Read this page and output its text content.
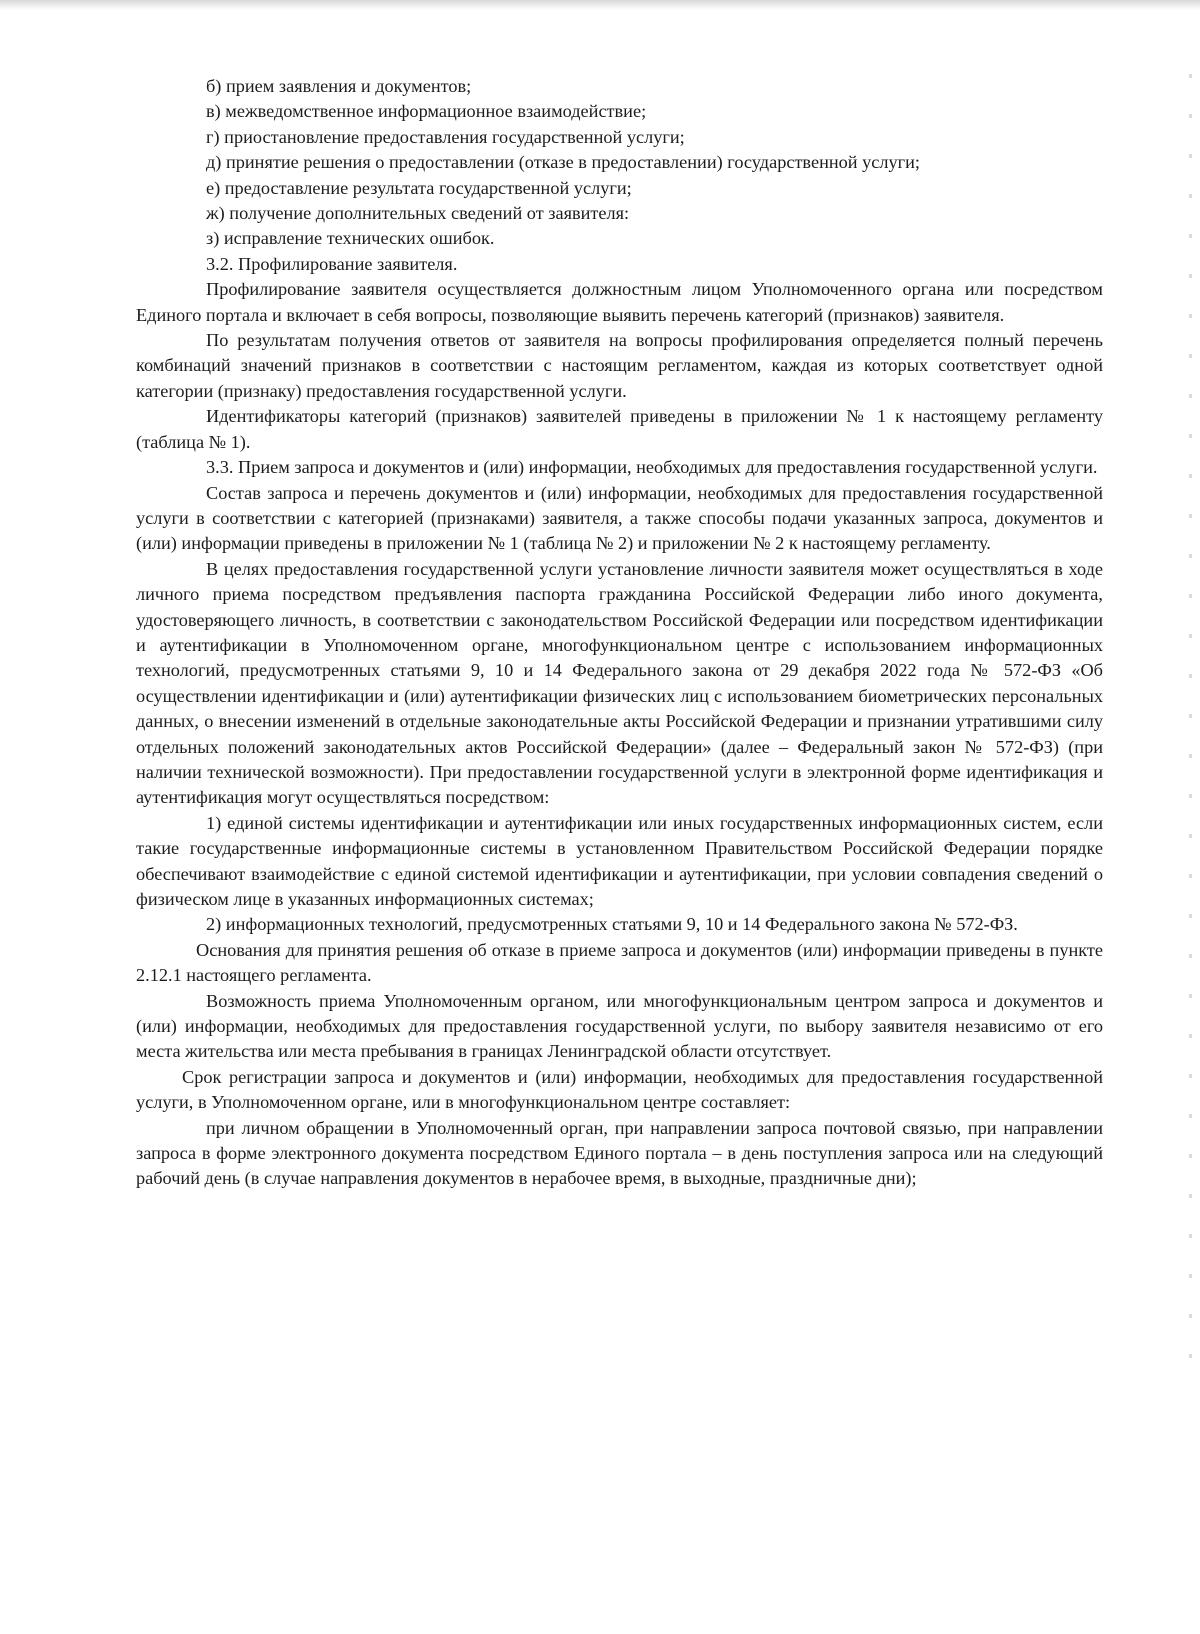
б) прием заявления и документов;

в) межведомственное информационное взаимодействие;

г) приостановление предоставления государственной услуги;

д) принятие решения о предоставлении (отказе в предоставлении) государственной услуги;

е) предоставление результата государственной услуги;

ж) получение дополнительных сведений от заявителя:

з) исправление технических ошибок.

3.2. Профилирование заявителя.

Профилирование заявителя осуществляется должностным лицом Уполномоченного органа или посредством Единого портала и включает в себя вопросы, позволяющие выявить перечень категорий (признаков) заявителя.

По результатам получения ответов от заявителя на вопросы профилирования определяется полный перечень комбинаций значений признаков в соответствии с настоящим регламентом, каждая из которых соответствует одной категории (признаку) предоставления государственной услуги.

Идентификаторы категорий (признаков) заявителей приведены в приложении № 1 к настоящему регламенту (таблица № 1).

3.3. Прием запроса и документов и (или) информации, необходимых для предоставления государственной услуги.

Состав запроса и перечень документов и (или) информации, необходимых для предоставления государственной услуги в соответствии с категорией (признаками) заявителя, а также способы подачи указанных запроса, документов и (или) информации приведены в приложении № 1 (таблица № 2) и приложении № 2 к настоящему регламенту.

В целях предоставления государственной услуги установление личности заявителя может осуществляться в ходе личного приема посредством предъявления паспорта гражданина Российской Федерации либо иного документа, удостоверяющего личность, в соответствии с законодательством Российской Федерации или посредством идентификации и аутентификации в Уполномоченном органе, многофункциональном центре с использованием информационных технологий, предусмотренных статьями 9, 10 и 14 Федерального закона от 29 декабря 2022 года № 572-ФЗ «Об осуществлении идентификации и (или) аутентификации физических лиц с использованием биометрических персональных данных, о внесении изменений в отдельные законодательные акты Российской Федерации и признании утратившими силу отдельных положений законодательных актов Российской Федерации» (далее – Федеральный закон № 572-ФЗ) (при наличии технической возможности). При предоставлении государственной услуги в электронной форме идентификация и аутентификация могут осуществляться посредством:

1) единой системы идентификации и аутентификации или иных государственных информационных систем, если такие государственные информационные системы в установленном Правительством Российской Федерации порядке обеспечивают взаимодействие с единой системой идентификации и аутентификации, при условии совпадения сведений о физическом лице в указанных информационных системах;

2) информационных технологий, предусмотренных статьями 9, 10 и 14 Федерального закона № 572-ФЗ.

Основания для принятия решения об отказе в приеме запроса и документов (или) информации приведены в пункте 2.12.1 настоящего регламента.

Возможность приема Уполномоченным органом, или многофункциональным центром запроса и документов и (или) информации, необходимых для предоставления государственной услуги, по выбору заявителя независимо от его места жительства или места пребывания в границах Ленинградской области отсутствует.

Срок регистрации запроса и документов и (или) информации, необходимых для предоставления государственной услуги, в Уполномоченном органе, или в многофункциональном центре составляет:

при личном обращении в Уполномоченный орган, при направлении запроса почтовой связью, при направлении запроса в форме электронного документа посредством Единого портала – в день поступления запроса или на следующий рабочий день (в случае направления документов в нерабочее время, в выходные, праздничные дни);
